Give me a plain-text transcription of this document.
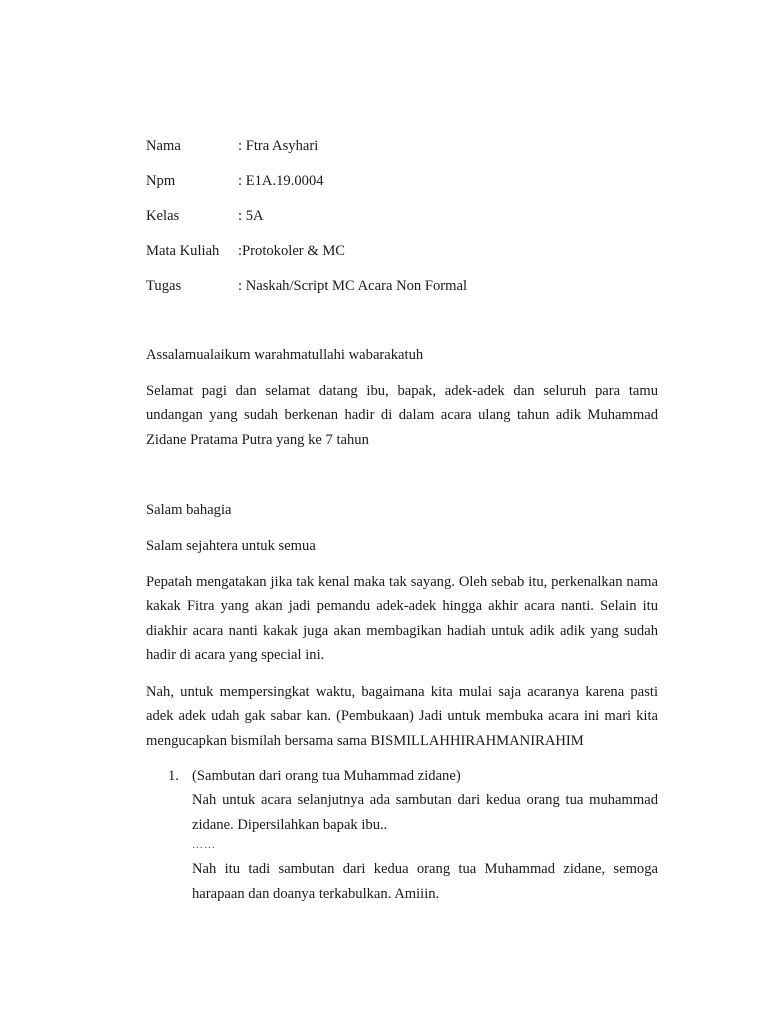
Nama	: Ftra Asyhari
Npm	: E1A.19.0004
Kelas	: 5A
Mata Kuliah :Protokoler & MC
Tugas	: Naskah/Script MC Acara Non Formal

Assalamualaikum warahmatullahi wabarakatuh

Selamat pagi dan selamat datang ibu, bapak, adek-adek dan seluruh para tamu undangan yang sudah berkenan hadir di dalam acara ulang tahun adik Muhammad Zidane Pratama Putra yang ke 7 tahun

Salam bahagia

Salam sejahtera untuk semua

Pepatah mengatakan jika tak kenal maka tak sayang. Oleh sebab itu, perkenalkan nama kakak Fitra yang akan jadi pemandu adek-adek hingga akhir acara nanti. Selain itu diakhir acara nanti kakak juga akan membagikan hadiah untuk adik adik yang sudah hadir di acara yang special ini.

Nah, untuk mempersingkat waktu, bagaimana kita mulai saja acaranya karena pasti adek adek udah gak sabar kan. (Pembukaan) Jadi untuk membuka acara ini mari kita mengucapkan bismilah bersama sama BISMILLAHHIRAHMANIRAHIM

1. (Sambutan dari orang tua Muhammad zidane)

Nah untuk acara selanjutnya ada sambutan dari kedua orang tua muhammad zidane. Dipersilahkan bapak ibu..

……

Nah itu tadi sambutan dari kedua orang tua Muhammad zidane, semoga harapaan dan doanya terkabulkan. Amiiin.
